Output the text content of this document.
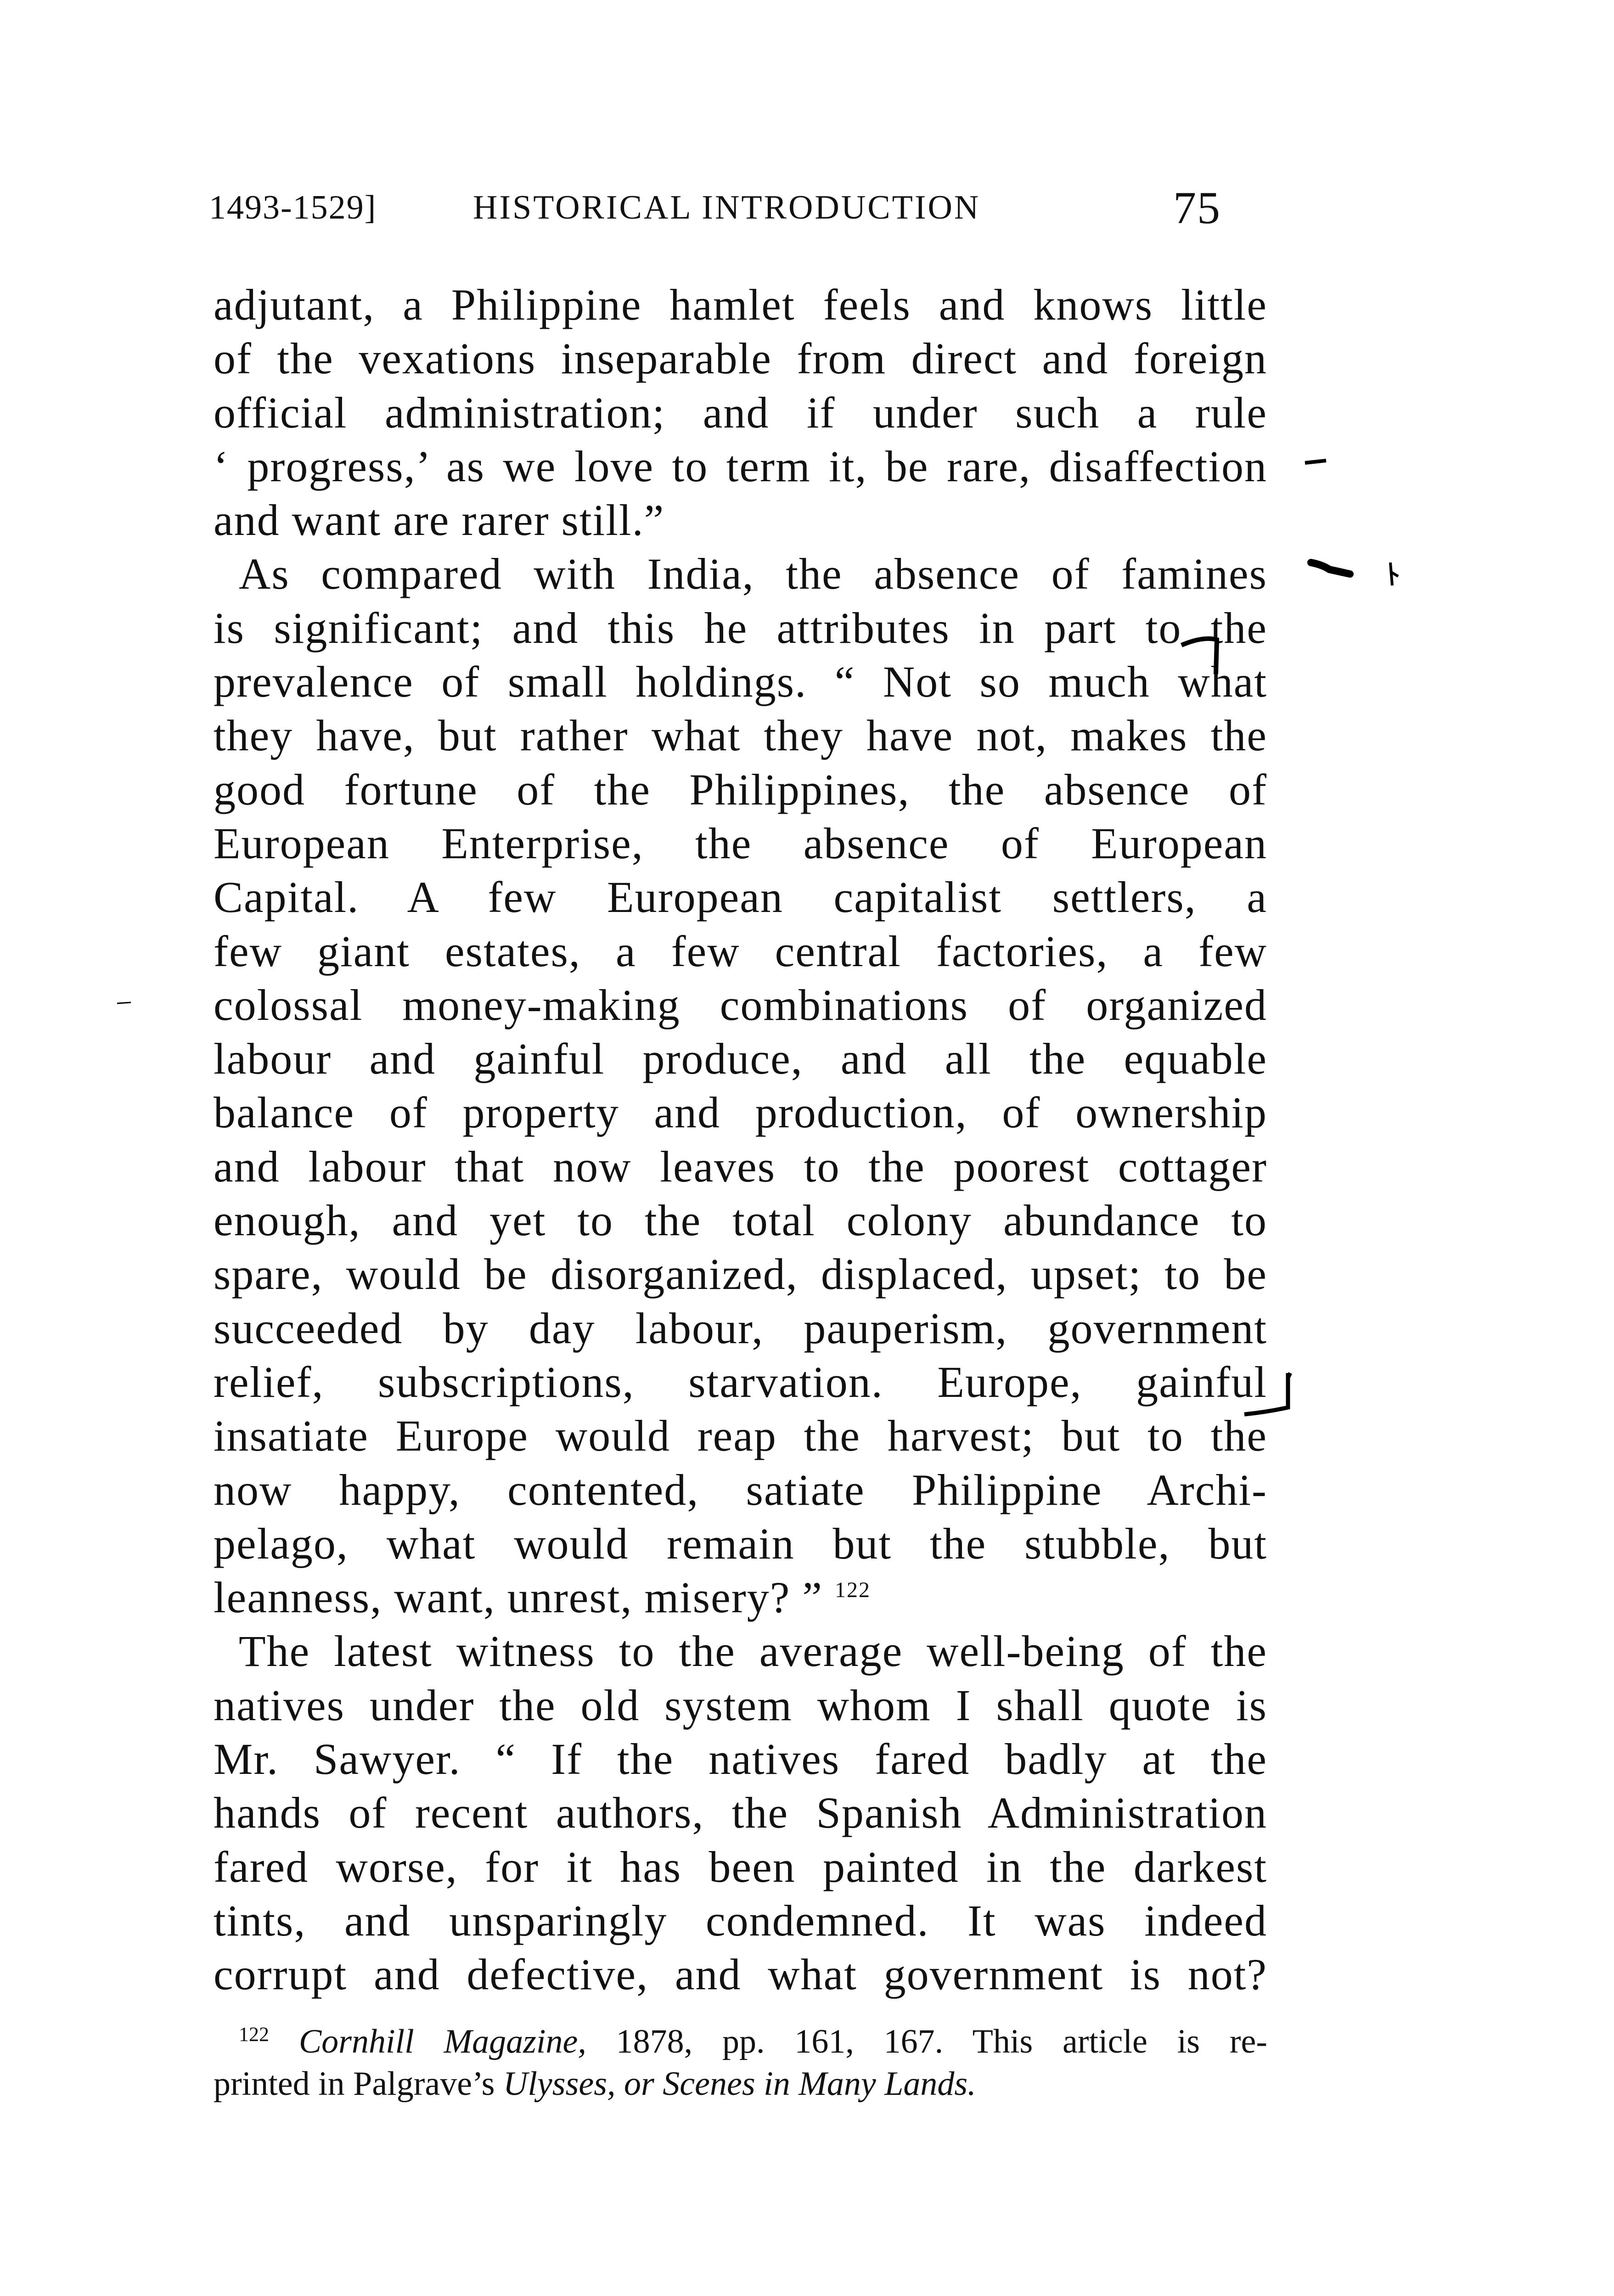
1493-1529]	HISTORICAL INTRODUCTION	75
adjutant, a Philippine hamlet feels and knows little
of the vexations inseparable from direct and foreign
official administration; and if under such a rule
‘ progress,’ as we love to term it, be rare, disaffection
and want are rarer still.”
As compared with India, the absence of famines
is significant; and this he attributes in part to the
prevalence of small holdings. “ Not so much what
they have, but rather what they have not, makes the
good fortune of the Philippines, the absence of
European Enterprise, the absence of European
Capital. A few European capitalist settlers, a
few giant estates, a few central factories, a few
colossal money-making combinations of organized
labour and gainful produce, and all the equable
balance of property and production, of ownership
and labour that now leaves to the poorest cottager
enough, and yet to the total colony abundance to
spare, would be disorganized, displaced, upset; to be
succeeded by day labour, pauperism, government
relief, subscriptions, starvation. Europe, gainful
insatiate Europe would reap the harvest; but to the
now happy, contented, satiate Philippine Archi-
pelago, what would remain but the stubble, but
leanness, want, unrest, misery? ” $^{122}$
The latest witness to the average well-being of the
natives under the old system whom I shall quote is
Mr. Sawyer. “ If the natives fared badly at the
hands of recent authors, the Spanish Administration
fared worse, for it has been painted in the darkest
tints, and unsparingly condemned. It was indeed
corrupt and defective, and what government is not?
$^{122}$ Cornhill Magazine, 1878, pp. 161, 167. This article is re-
printed in Palgrave’s Ulysses, or Scenes in Many Lands.
